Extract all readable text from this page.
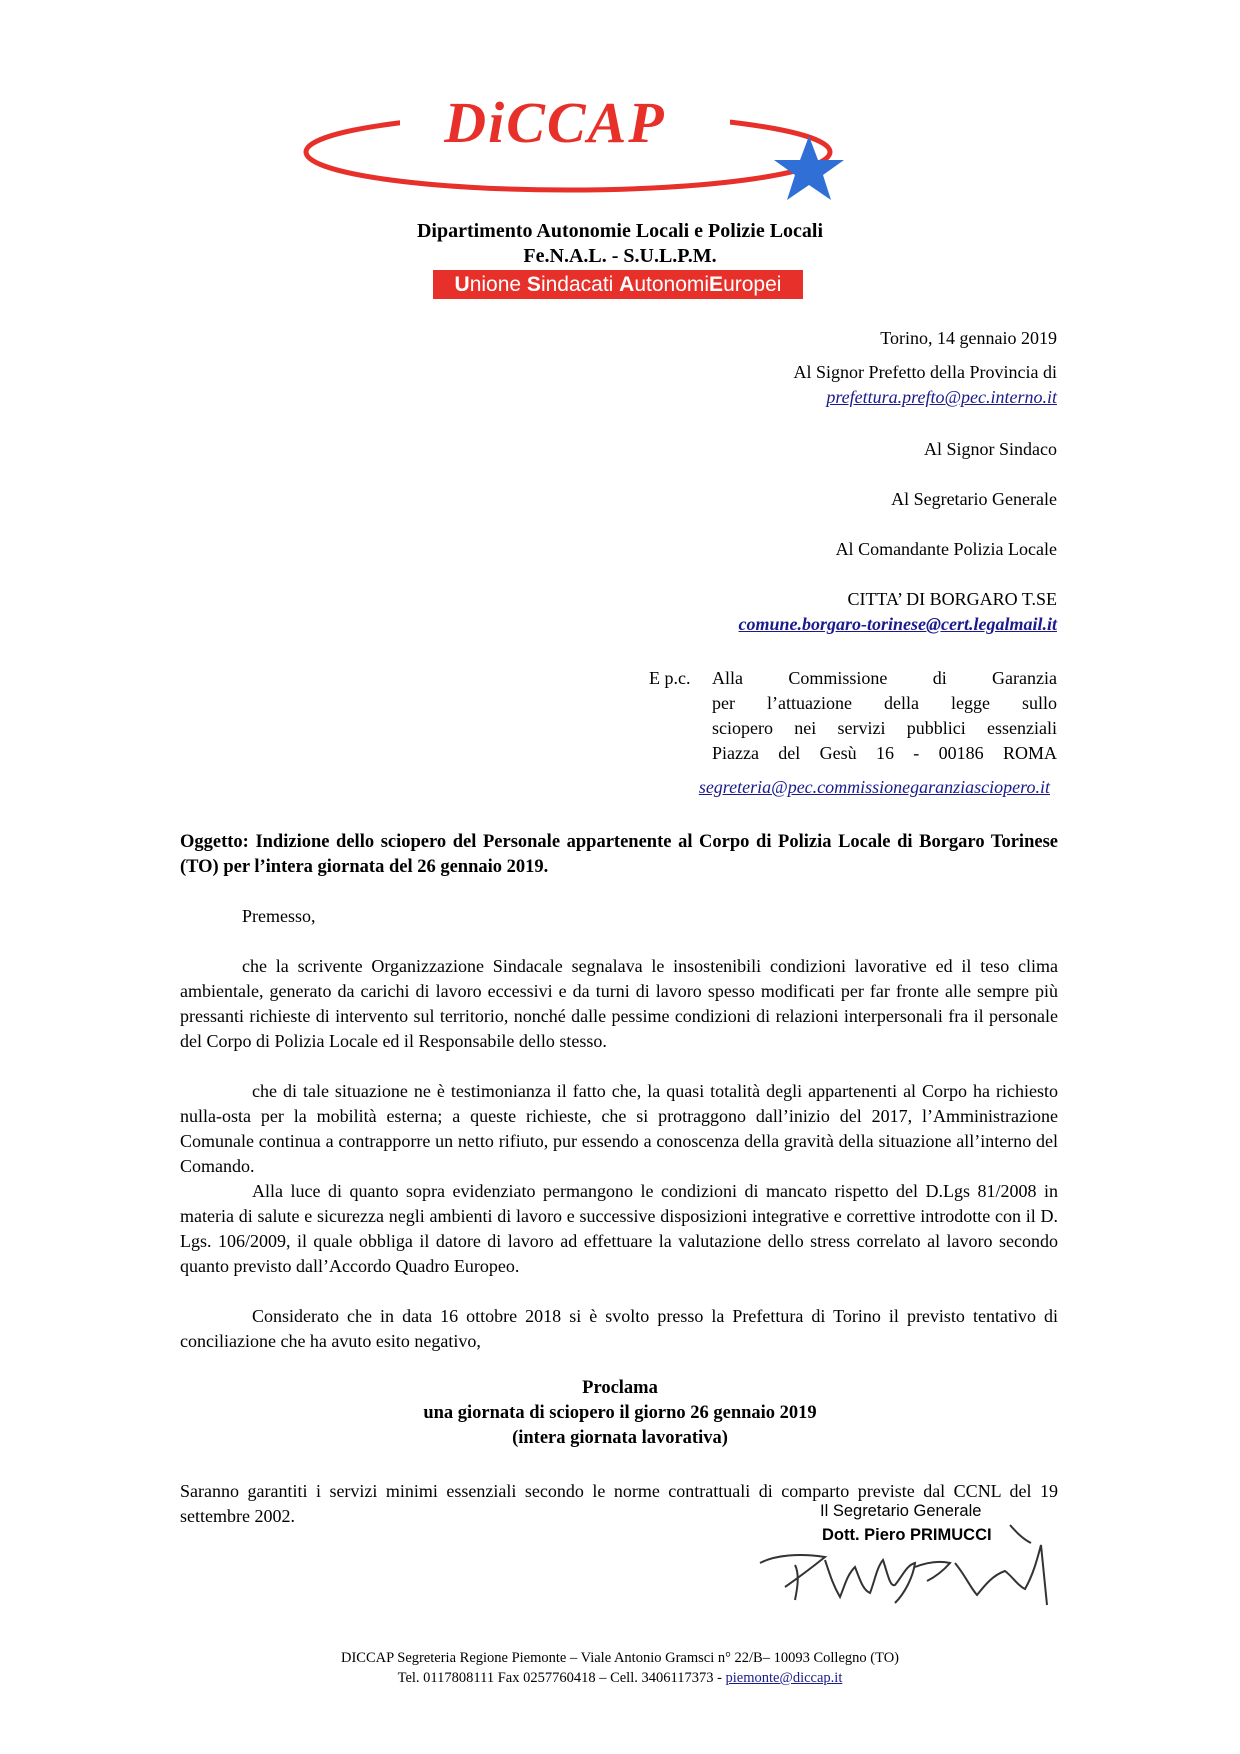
DiCCAP
Dipartimento Autonomie Locali e Polizie Locali
Fe.N.A.L. - S.U.L.P.M.
Unione Sindacati AutonomiEuropei
Torino, 14 gennaio 2019
Al Signor Prefetto della Provincia di
prefettura.prefto@pec.interno.it
Al Signor Sindaco
Al Segretario Generale
Al Comandante Polizia Locale
CITTA’ DI BORGARO T.SE
comune.borgaro-torinese@cert.legalmail.it
E p.c.	Alla Commissione di Garanzia
per l’attuazione della legge sullo
sciopero nei servizi pubblici essenziali
Piazza del Gesù 16 - 00186 ROMA
segreteria@pec.commissionegaranziasciopero.it
Oggetto: Indizione dello sciopero del Personale appartenente al Corpo di Polizia Locale di Borgaro Torinese (TO) per l’intera giornata del 26 gennaio 2019.
Premesso,
che la scrivente Organizzazione Sindacale segnalava le insostenibili condizioni lavorative ed il teso clima ambientale, generato da carichi di lavoro eccessivi e da turni di lavoro spesso modificati per far fronte alle sempre più pressanti richieste di intervento sul territorio, nonché dalle pessime condizioni di relazioni interpersonali fra il personale del Corpo di Polizia Locale ed il Responsabile dello stesso.
che di tale situazione ne è testimonianza il fatto che, la quasi totalità degli appartenenti al Corpo ha richiesto nulla-osta per la mobilità esterna; a queste richieste, che si protraggono dall’inizio del 2017, l’Amministrazione Comunale continua a contrapporre un netto rifiuto, pur essendo a conoscenza della gravità della situazione all’interno del Comando.
Alla luce di quanto sopra evidenziato permangono le condizioni di mancato rispetto del D.Lgs 81/2008 in materia di salute e sicurezza negli ambienti di lavoro e successive disposizioni integrative e correttive introdotte con il D. Lgs. 106/2009, il quale obbliga il datore di lavoro ad effettuare la valutazione dello stress correlato al lavoro secondo quanto previsto dall’Accordo Quadro Europeo.
Considerato che in data 16 ottobre 2018 si è svolto presso la Prefettura di Torino il previsto tentativo di conciliazione che ha avuto esito negativo,
Proclama
una giornata di sciopero il giorno 26 gennaio 2019
(intera giornata lavorativa)
Saranno garantiti i servizi minimi essenziali secondo le norme contrattuali di comparto previste dal CCNL del 19 settembre 2002.	Il Segretario Generale
Dott. Piero PRIMUCCI
DICCAP Segreteria Regione Piemonte – Viale Antonio Gramsci n° 22/B– 10093 Collegno (TO)
Tel. 0117808111 Fax 0257760418 – Cell. 3406117373 - piemonte@diccap.it
